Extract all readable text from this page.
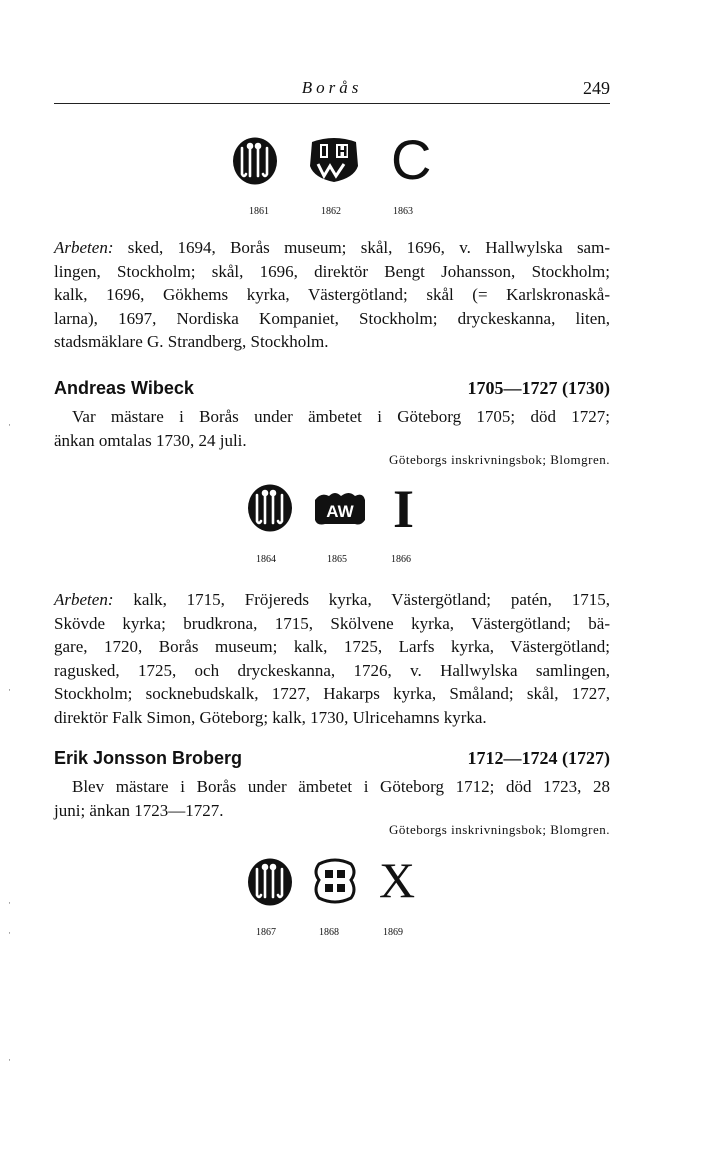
Borås	249
C
1861	1862	1863
Arbeten: sked, 1694, Borås museum; skål, 1696, v. Hallwylska sam-
lingen, Stockholm; skål, 1696, direktör Bengt Johansson, Stockholm;
kalk, 1696, Gökhems kyrka, Västergötland; skål (= Karlskronaskå-
larna), 1697, Nordiska Kompaniet, Stockholm; dryckeskanna, liten,
stadsmäklare G. Strandberg, Stockholm.
Andreas Wibeck	1705—1727 (1730)
Var mästare i Borås under ämbetet i Göteborg 1705; död 1727;
änkan omtalas 1730, 24 juli.
Göteborgs inskrivningsbok; Blomgren.
AW I
1864	1865	1866
Arbeten: kalk, 1715, Fröjereds kyrka, Västergötland; patén, 1715,
Skövde kyrka; brudkrona, 1715, Skölvene kyrka, Västergötland; bä-
gare, 1720, Borås museum; kalk, 1725, Larfs kyrka, Västergötland;
ragusked, 1725, och dryckeskanna, 1726, v. Hallwylska samlingen,
Stockholm; socknebudskalk, 1727, Hakarps kyrka, Småland; skål, 1727,
direktör Falk Simon, Göteborg; kalk, 1730, Ulricehamns kyrka.
Erik Jonsson Broberg	1712—1724 (1727)
Blev mästare i Borås under ämbetet i Göteborg 1712; död 1723, 28
juni; änkan 1723—1727.
Göteborgs inskrivningsbok; Blomgren.
X
1867	1868	1869
·
·
·
·
·
